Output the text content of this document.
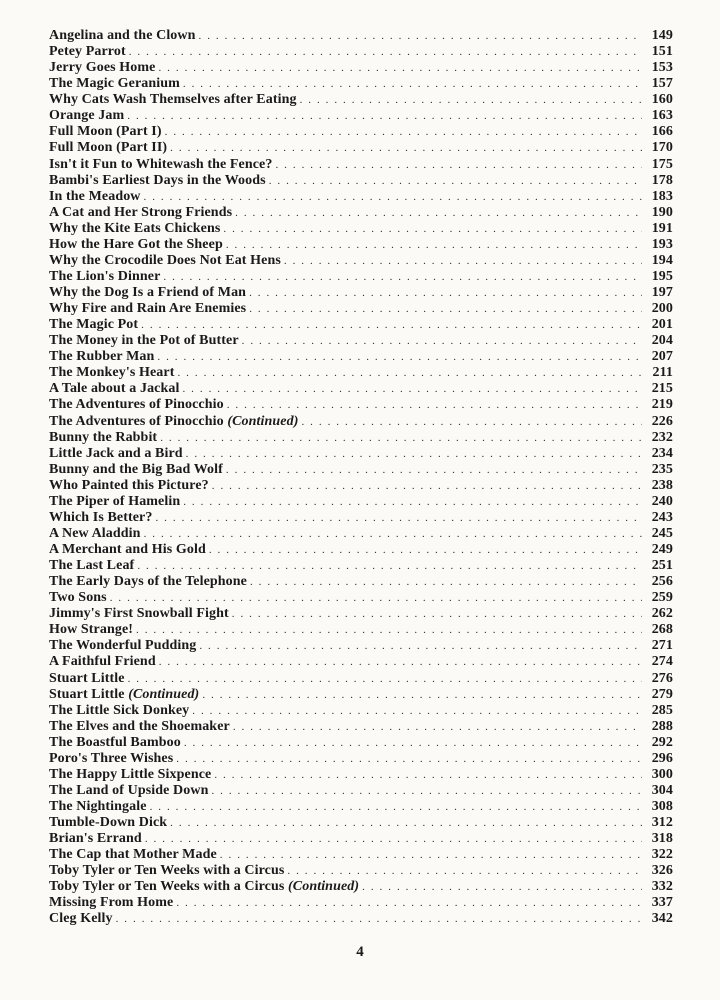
Angelina and the Clown . . .	149
Petey Parrot . . .	151
Jerry Goes Home . . .	153
The Magic Geranium . . .	157
Why Cats Wash Themselves after Eating . . .	160
Orange Jam . . .	163
Full Moon (Part I) . . .	166
Full Moon (Part II) . . .	170
Isn't it Fun to Whitewash the Fence? . . .	175
Bambi's Earliest Days in the Woods . . .	178
In the Meadow . . .	183
A Cat and Her Strong Friends . . .	190
Why the Kite Eats Chickens . . .	191
How the Hare Got the Sheep . . .	193
Why the Crocodile Does Not Eat Hens . . .	194
The Lion's Dinner . . .	195
Why the Dog Is a Friend of Man . . .	197
Why Fire and Rain Are Enemies . . .	200
The Magic Pot . . .	201
The Money in the Pot of Butter . . .	204
The Rubber Man . . .	207
The Monkey's Heart . . .	211
A Tale about a Jackal . . .	215
The Adventures of Pinocchio . . .	219
The Adventures of Pinocchio (Continued) . . .	226
Bunny the Rabbit . . .	232
Little Jack and a Bird . . .	234
Bunny and the Big Bad Wolf . . .	235
Who Painted this Picture? . . .	238
The Piper of Hamelin . . .	240
Which Is Better? . . .	243
A New Aladdin . . .	245
A Merchant and His Gold . . .	249
The Last Leaf . . .	251
The Early Days of the Telephone . . .	256
Two Sons . . .	259
Jimmy's First Snowball Fight . . .	262
How Strange! . . .	268
The Wonderful Pudding . . .	271
A Faithful Friend . . .	274
Stuart Little . . .	276
Stuart Little (Continued) . . .	279
The Little Sick Donkey . . .	285
The Elves and the Shoemaker . . .	288
The Boastful Bamboo . . .	292
Poro's Three Wishes . . .	296
The Happy Little Sixpence . . .	300
The Land of Upside Down . . .	304
The Nightingale . . .	308
Tumble-Down Dick . . .	312
Brian's Errand . . .	318
The Cap that Mother Made . . .	322
Toby Tyler or Ten Weeks with a Circus . . .	326
Toby Tyler or Ten Weeks with a Circus (Continued) . . .	332
Missing From Home . . .	337
Cleg Kelly . . .	342
4
